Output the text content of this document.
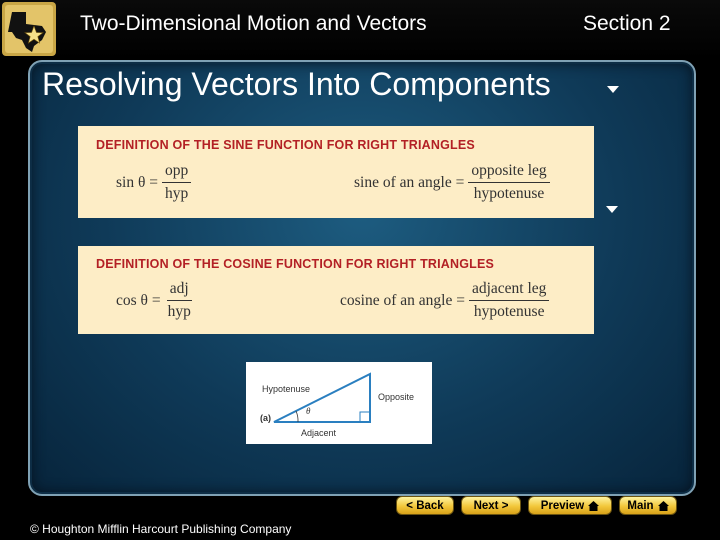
Two-Dimensional Motion and Vectors	Section 2
Resolving Vectors Into Components
DEFINITION OF THE SINE FUNCTION FOR RIGHT TRIANGLES
$\sin \theta = \frac{\text{opp}}{\text{hyp}}$	sine of an angle = $\frac{\text{opposite leg}}{\text{hypotenuse}}$
DEFINITION OF THE COSINE FUNCTION FOR RIGHT TRIANGLES
$\cos \theta = \frac{\text{adj}}{\text{hyp}}$	cosine of an angle = $\frac{\text{adjacent leg}}{\text{hypotenuse}}$
Hypotenuse
Opposite
Adjacent
θ
(a)
< Back	Next >	Preview	Main
© Houghton Mifflin Harcourt Publishing Company
